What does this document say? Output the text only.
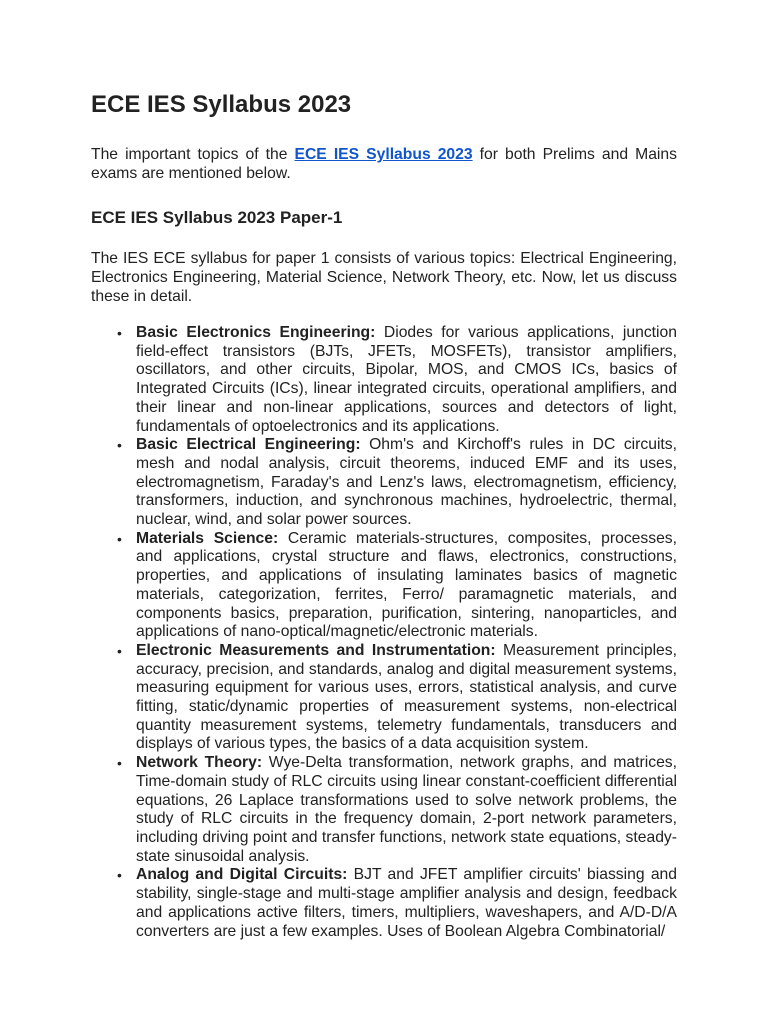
ECE IES Syllabus 2023

The important topics of the ECE IES Syllabus 2023 for both Prelims and Mains exams are mentioned below.

ECE IES Syllabus 2023 Paper-1

The IES ECE syllabus for paper 1 consists of various topics: Electrical Engineering, Electronics Engineering, Material Science, Network Theory, etc. Now, let us discuss these in detail.

• Basic Electronics Engineering: Diodes for various applications, junction field-effect transistors (BJTs, JFETs, MOSFETs), transistor amplifiers, oscillators, and other circuits, Bipolar, MOS, and CMOS ICs, basics of Integrated Circuits (ICs), linear integrated circuits, operational amplifiers, and their linear and non-linear applications, sources and detectors of light, fundamentals of optoelectronics and its applications.
• Basic Electrical Engineering: Ohm's and Kirchoff's rules in DC circuits, mesh and nodal analysis, circuit theorems, induced EMF and its uses, electromagnetism, Faraday's and Lenz's laws, electromagnetism, efficiency, transformers, induction, and synchronous machines, hydroelectric, thermal, nuclear, wind, and solar power sources.
• Materials Science: Ceramic materials-structures, composites, processes, and applications, crystal structure and flaws, electronics, constructions, properties, and applications of insulating laminates basics of magnetic materials, categorization, ferrites, Ferro/ paramagnetic materials, and components basics, preparation, purification, sintering, nanoparticles, and applications of nano-optical/magnetic/electronic materials.
• Electronic Measurements and Instrumentation: Measurement principles, accuracy, precision, and standards, analog and digital measurement systems, measuring equipment for various uses, errors, statistical analysis, and curve fitting, static/dynamic properties of measurement systems, non-electrical quantity measurement systems, telemetry fundamentals, transducers and displays of various types, the basics of a data acquisition system.
• Network Theory: Wye-Delta transformation, network graphs, and matrices, Time-domain study of RLC circuits using linear constant-coefficient differential equations, 26 Laplace transformations used to solve network problems, the study of RLC circuits in the frequency domain, 2-port network parameters, including driving point and transfer functions, network state equations, steady-state sinusoidal analysis.
• Analog and Digital Circuits: BJT and JFET amplifier circuits' biassing and stability, single-stage and multi-stage amplifier analysis and design, feedback and applications active filters, timers, multipliers, waveshapers, and A/D-D/A converters are just a few examples. Uses of Boolean Algebra Combinatorial/
